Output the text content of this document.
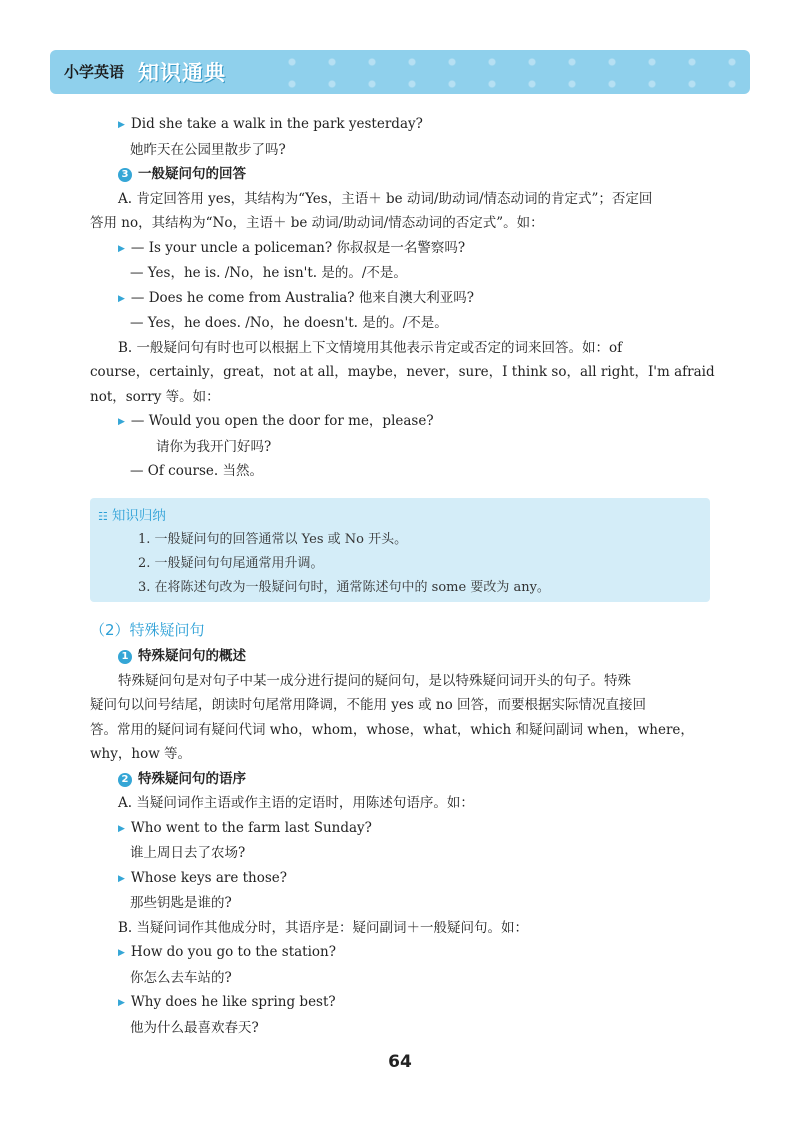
小学英语 知识通典
▶ Did she take a walk in the park yesterday?
她昨天在公园里散步了吗?
3 一般疑问句的回答
A. 肯定回答用 yes，其结构为“Yes，主语＋ be 动词/助动词/情态动词的肯定式”；否定回
答用 no，其结构为“No，主语＋ be 动词/助动词/情态动词的否定式”。如：
▶ — Is your uncle a policeman? 你叔叔是一名警察吗?
— Yes，he is. /No，he isn't. 是的。/不是。
▶ — Does he come from Australia? 他来自澳大利亚吗?
— Yes，he does. /No，he doesn't. 是的。/不是。
B. 一般疑问句有时也可以根据上下文情境用其他表示肯定或否定的词来回答。如：of
course，certainly，great，not at all，maybe，never，sure，I think so，all right，I'm afraid
not，sorry 等。如：
▶ — Would you open the door for me，please?
请你为我开门好吗?
— Of course. 当然。
☷ 知识归纳
1. 一般疑问句的回答通常以 Yes 或 No 开头。
2. 一般疑问句句尾通常用升调。
3. 在将陈述句改为一般疑问句时，通常陈述句中的 some 要改为 any。
（2）特殊疑问句
1 特殊疑问句的概述
特殊疑问句是对句子中某一成分进行提问的疑问句，是以特殊疑问词开头的句子。特殊
疑问句以问号结尾，朗读时句尾常用降调，不能用 yes 或 no 回答，而要根据实际情况直接回
答。常用的疑问词有疑问代词 who，whom，whose，what，which 和疑问副词 when，where，
why，how 等。
2 特殊疑问句的语序
A. 当疑问词作主语或作主语的定语时，用陈述句语序。如：
▶ Who went to the farm last Sunday?
谁上周日去了农场?
▶ Whose keys are those?
那些钥匙是谁的?
B. 当疑问词作其他成分时，其语序是：疑问副词＋一般疑问句。如：
▶ How do you go to the station?
你怎么去车站的?
▶ Why does he like spring best?
他为什么最喜欢春天?
64
